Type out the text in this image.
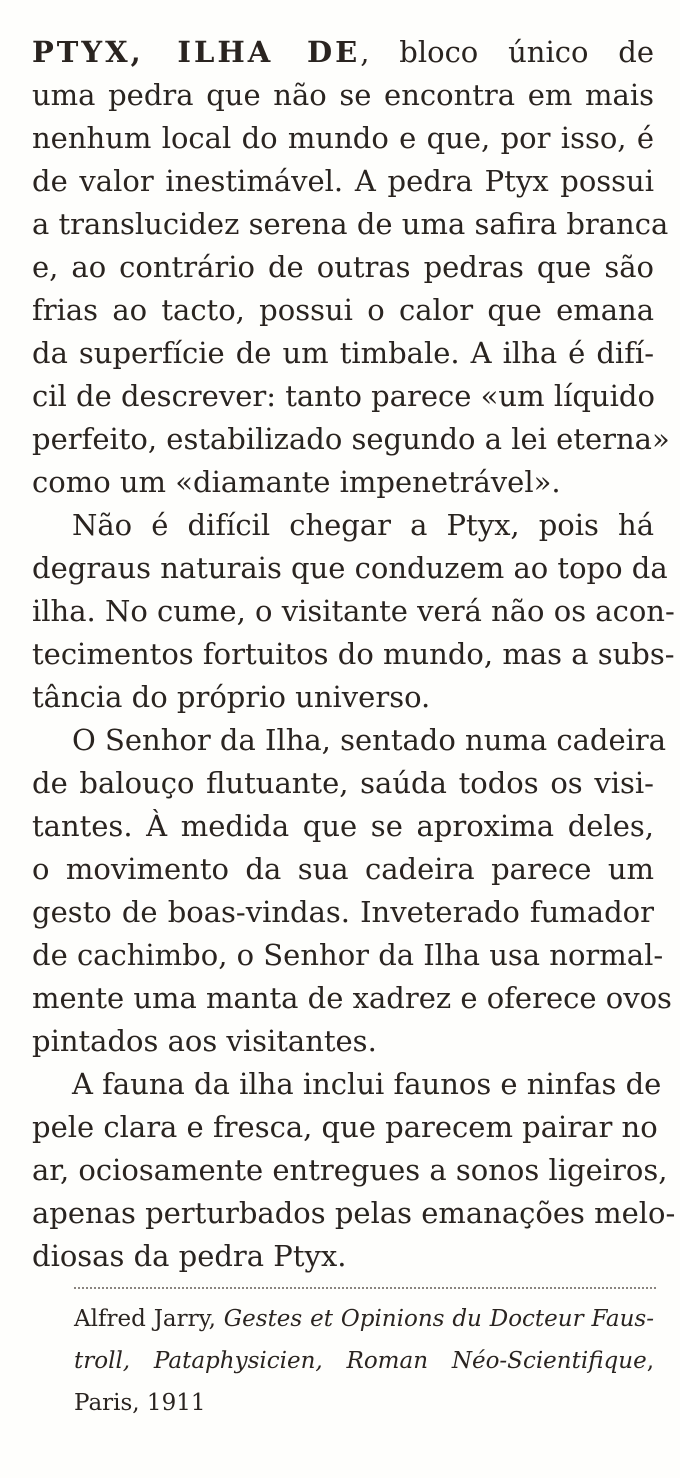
PTYX, ILHA DE, bloco único de
uma pedra que não se encontra em mais
nenhum local do mundo e que, por isso, é
de valor inestimável. A pedra Ptyx possui
a translucidez serena de uma safira branca
e, ao contrário de outras pedras que são
frias ao tacto, possui o calor que emana
da superfície de um timbale. A ilha é difí-
cil de descrever: tanto parece «um líquido
perfeito, estabilizado segundo a lei eterna»
como um «diamante impenetrável».
Não é difícil chegar a Ptyx, pois há
degraus naturais que conduzem ao topo da
ilha. No cume, o visitante verá não os acon-
tecimentos fortuitos do mundo, mas a subs-
tância do próprio universo.
O Senhor da Ilha, sentado numa cadeira
de balouço flutuante, saúda todos os visi-
tantes. À medida que se aproxima deles,
o movimento da sua cadeira parece um
gesto de boas-vindas. Inveterado fumador
de cachimbo, o Senhor da Ilha usa normal-
mente uma manta de xadrez e oferece ovos
pintados aos visitantes.
A fauna da ilha inclui faunos e ninfas de
pele clara e fresca, que parecem pairar no
ar, ociosamente entregues a sonos ligeiros,
apenas perturbados pelas emanações melo-
diosas da pedra Ptyx.
Alfred Jarry, Gestes et Opinions du Docteur Faus-
troll, Pataphysicien, Roman Néo-Scientifique,
Paris, 1911
